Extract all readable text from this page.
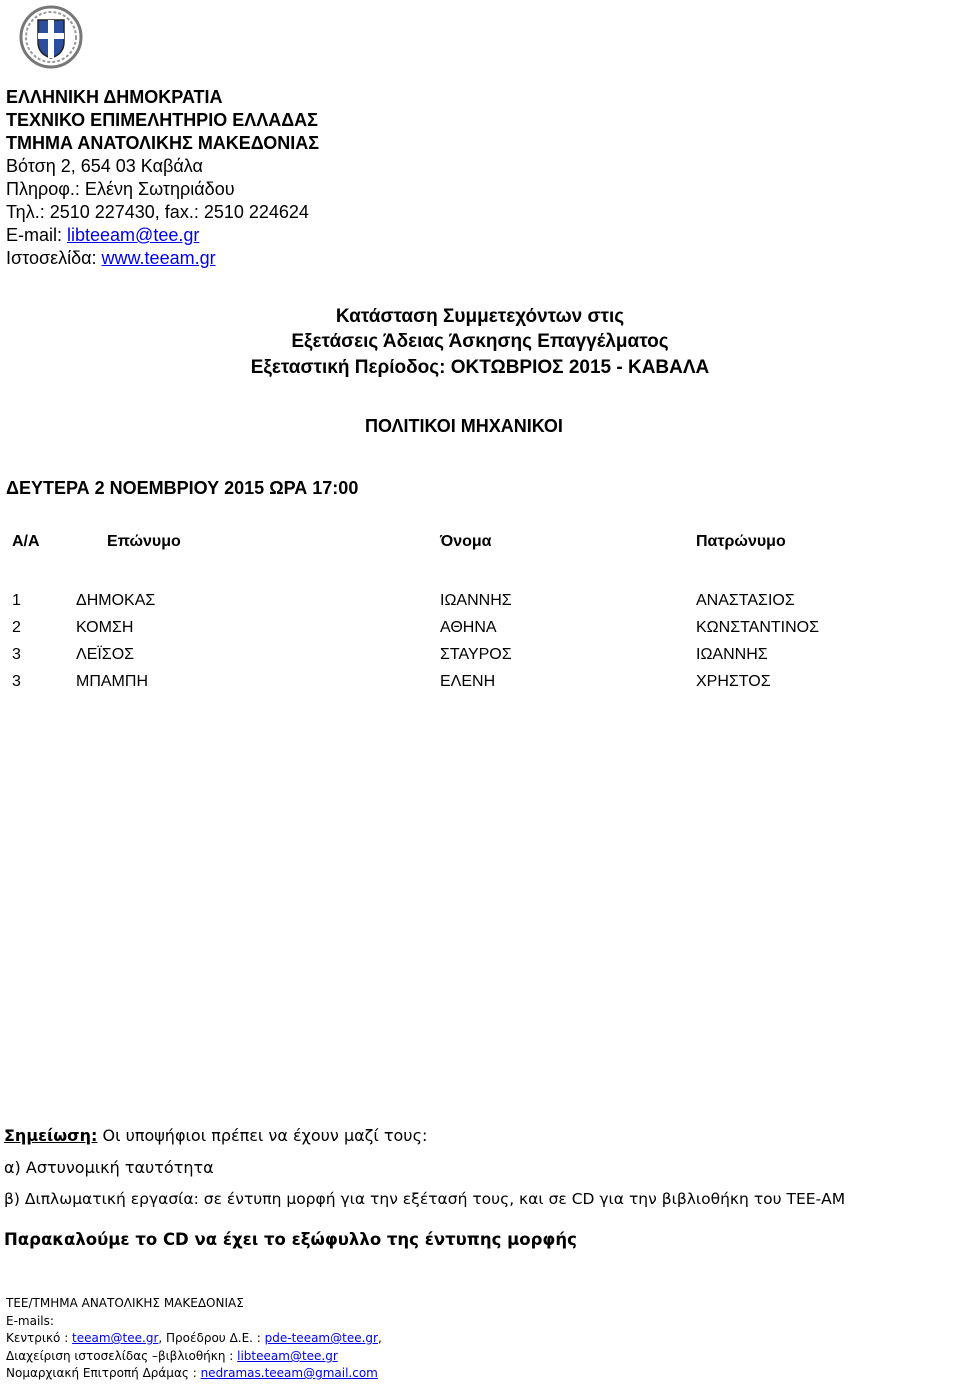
ΕΛΛΗΝΙΚΗ ΔΗΜΟΚΡΑΤΙΑ
ΤΕΧΝΙΚΟ ΕΠΙΜΕΛΗΤΗΡΙΟ ΕΛΛΑΔΑΣ
ΤΜΗΜΑ ΑΝΑΤΟΛΙΚΗΣ ΜΑΚΕΔΟΝΙΑΣ
Βότση 2, 654 03 Καβάλα
Πληροφ.: Ελένη Σωτηριάδου
Τηλ.: 2510 227430, fax.: 2510 224624
E-mail: libteeam@tee.gr
Ιστοσελίδα: www.teeam.gr
Κατάσταση Συμμετεχόντων στις
Εξετάσεις Άδειας Άσκησης Επαγγέλματος
Εξεταστική Περίοδος: ΟΚΤΩΒΡΙΟΣ 2015 - ΚΑΒΑΛΑ
ΠΟΛΙΤΙΚΟΙ ΜΗΧΑΝΙΚΟΙ
ΔΕΥΤΕΡΑ 2 ΝΟΕΜΒΡΙΟΥ 2015 ΩΡΑ 17:00
Α/Α	Επώνυμο	Όνομα	Πατρώνυμο
1	ΔΗΜΟΚΑΣ	ΙΩΑΝΝΗΣ	ΑΝΑΣΤΑΣΙΟΣ
2	ΚΟΜΣΗ	ΑΘΗΝΑ	ΚΩΝΣΤΑΝΤΙΝΟΣ
3	ΛΕΪΣΟΣ	ΣΤΑΥΡΟΣ	ΙΩΑΝΝΗΣ
3	ΜΠΑΜΠΗ	ΕΛΕΝΗ	ΧΡΗΣΤΟΣ
Σημείωση: Οι υποψήφιοι πρέπει να έχουν μαζί τους:
α) Αστυνομική ταυτότητα
β) Διπλωματική εργασία: σε έντυπη μορφή για την εξέτασή τους, και σε CD για την βιβλιοθήκη του ΤΕΕ-ΑΜ
Παρακαλούμε το CD να έχει το εξώφυλλο της έντυπης μορφής
ΤΕΕ/ΤΜΗΜΑ ΑΝΑΤΟΛΙΚΗΣ ΜΑΚΕΔΟΝΙΑΣ
E-mails:
Κεντρικό : teeam@tee.gr, Προέδρου Δ.Ε. : pde-teeam@tee.gr,
Διαχείριση ιστοσελίδας –βιβλιοθήκη : libteeam@tee.gr
Νομαρχιακή Επιτροπή Δράμας : nedramas.teeam@gmail.com
